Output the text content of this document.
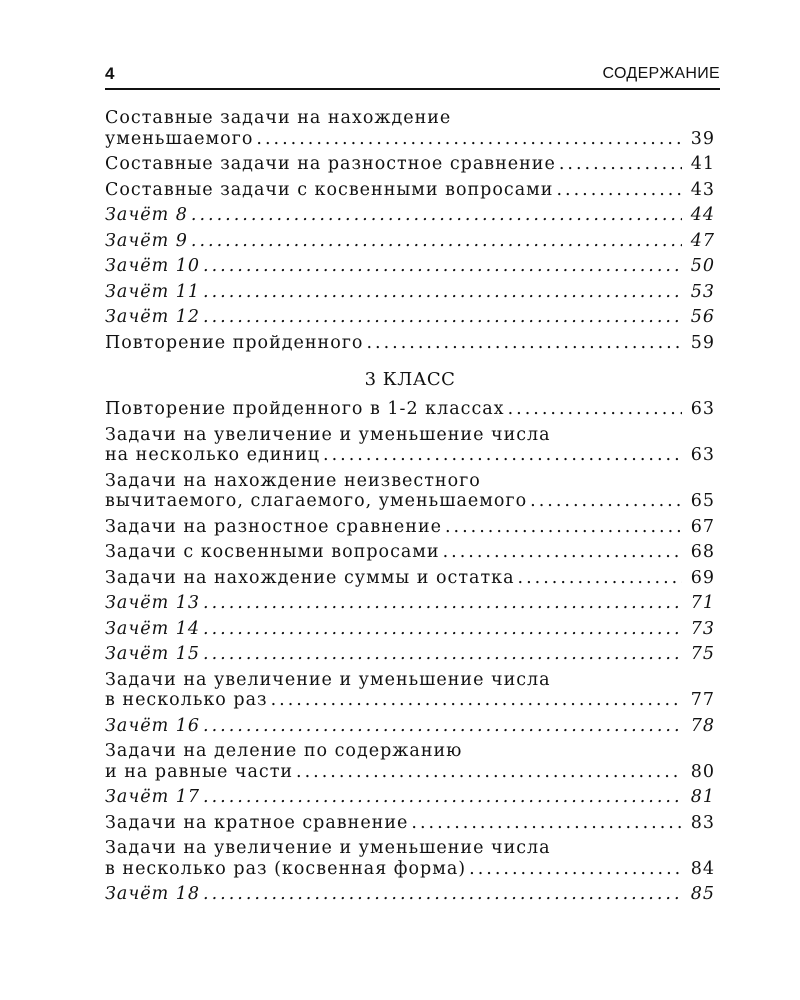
4	СОДЕРЖАНИЕ
Составные задачи на нахождение
уменьшаемого .....	39
Составные задачи на разностное сравнение .....	41
Составные задачи с косвенными вопросами .....	43
Зачёт 8 .....	44
Зачёт 9 .....	47
Зачёт 10 .....	50
Зачёт 11 .....	53
Зачёт 12 .....	56
Повторение пройденного .....	59
3 КЛАСС
Повторение пройденного в 1-2 классах .....	63
Задачи на увеличение и уменьшение числа
на несколько единиц .....	63
Задачи на нахождение неизвестного
вычитаемого, слагаемого, уменьшаемого .....	65
Задачи на разностное сравнение .....	67
Задачи с косвенными вопросами .....	68
Задачи на нахождение суммы и остатка .....	69
Зачёт 13 .....	71
Зачёт 14 .....	73
Зачёт 15 .....	75
Задачи на увеличение и уменьшение числа
в несколько раз .....	77
Зачёт 16 .....	78
Задачи на деление по содержанию
и на равные части .....	80
Зачёт 17 .....	81
Задачи на кратное сравнение .....	83
Задачи на увеличение и уменьшение числа
в несколько раз (косвенная форма) .....	84
Зачёт 18 .....	85
